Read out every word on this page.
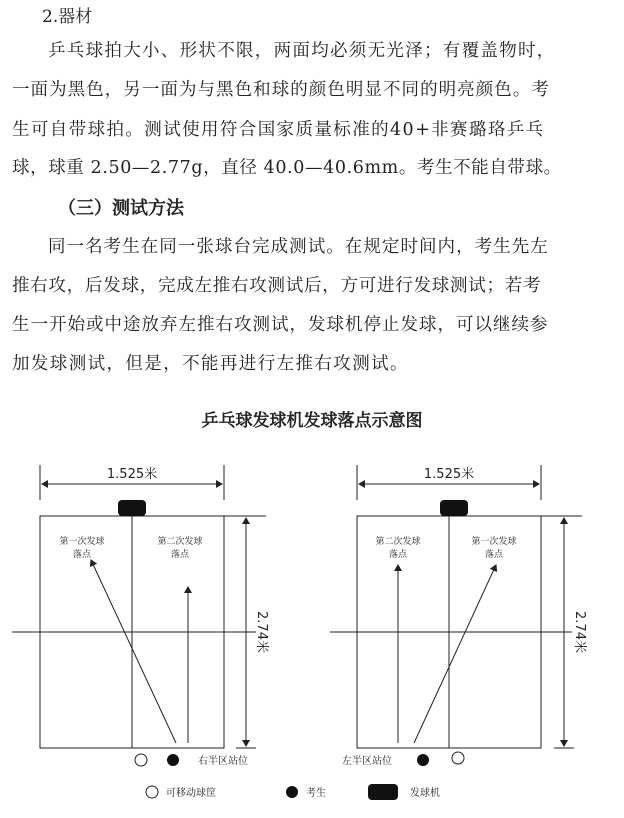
2.器材
乒乓球拍大小、形状不限，两面均必须无光泽；有覆盖物时，
一面为黑色，另一面为与黑色和球的颜色明显不同的明亮颜色。考
生可自带球拍。测试使用符合国家质量标准的40+非赛璐珞乒乓
球，球重 2.50—2.77g，直径 40.0—40.6mm。考生不能自带球。
（三）测试方法
同一名考生在同一张球台完成测试。在规定时间内，考生先左
推右攻，后发球，完成左推右攻测试后，方可进行发球测试；若考
生一开始或中途放弃左推右攻测试，发球机停止发球，可以继续参
加发球测试，但是，不能再进行左推右攻测试。
乒乓球发球机发球落点示意图
1.525米
2.74米
第一次发球
落点
第二次发球
落点
右半区站位
1.525米
2.74米
第二次发球
落点
第一次发球
落点
左半区站位
可移动球筐	考生	发球机
